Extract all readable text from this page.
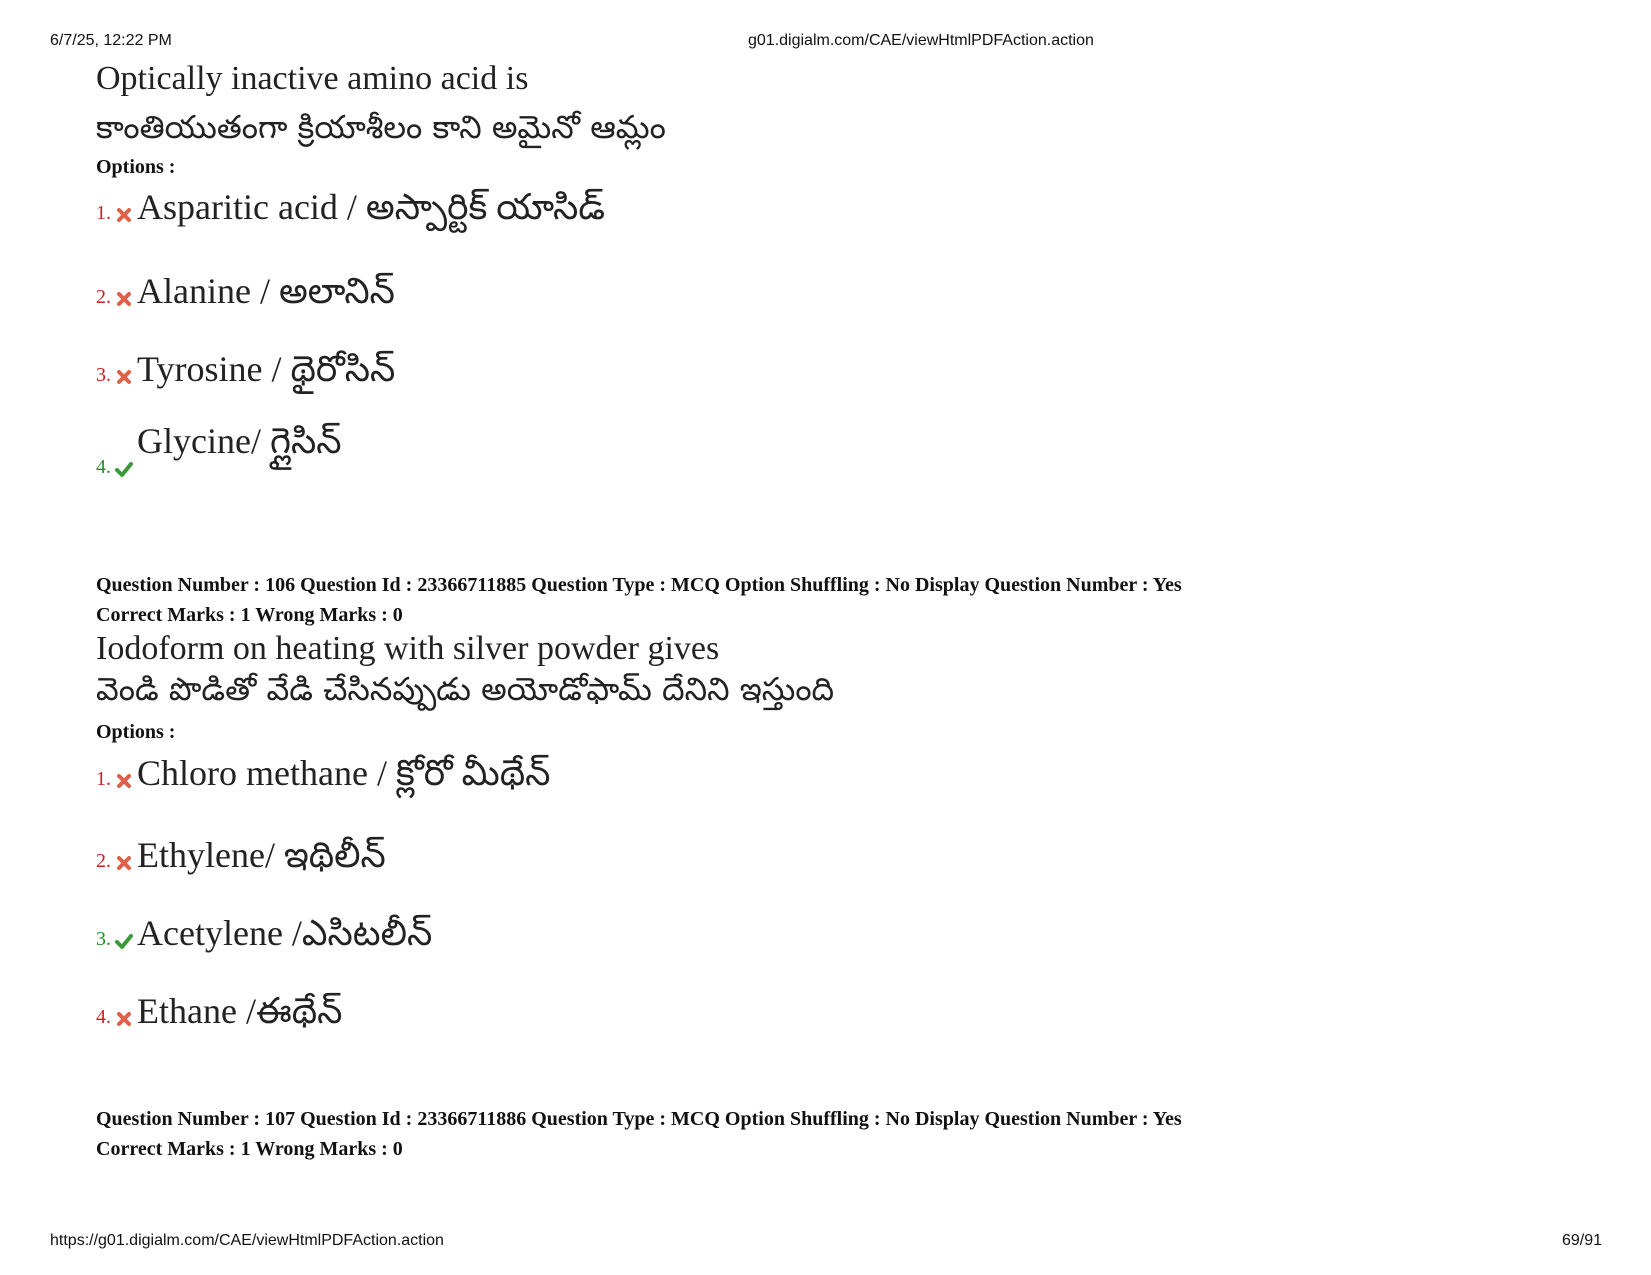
6/7/25, 12:22 PM	g01.digialm.com/CAE/viewHtmlPDFAction.action
Optically inactive amino acid is
కాంతియుతంగా క్రియాశీలం కాని అమైనో ఆమ్లం
Options :
1. Asparitic acid / అస్పార్టిక్ యాసిడ్
2. Alanine / అలానిన్
3. Tyrosine / థైరోసిన్
4.  Glycine/ గ్లైసిన్
Question Number : 106 Question Id : 23366711885 Question Type : MCQ Option Shuffling : No Display Question Number : Yes
Correct Marks : 1 Wrong Marks : 0
Iodoform on heating with silver powder gives
వెండి పొడితో వేడి చేసినప్పుడు అయోడోఫామ్ దేనిని ఇస్తుంది
Options :
1. Chloro methane / క్లోరో మీథేన్
2. Ethylene/ ఇథిలీన్
3. Acetylene /ఎసిటలీన్
4. Ethane /ఈథేన్
Question Number : 107 Question Id : 23366711886 Question Type : MCQ Option Shuffling : No Display Question Number : Yes
Correct Marks : 1 Wrong Marks : 0
https://g01.digialm.com/CAE/viewHtmlPDFAction.action	69/91
